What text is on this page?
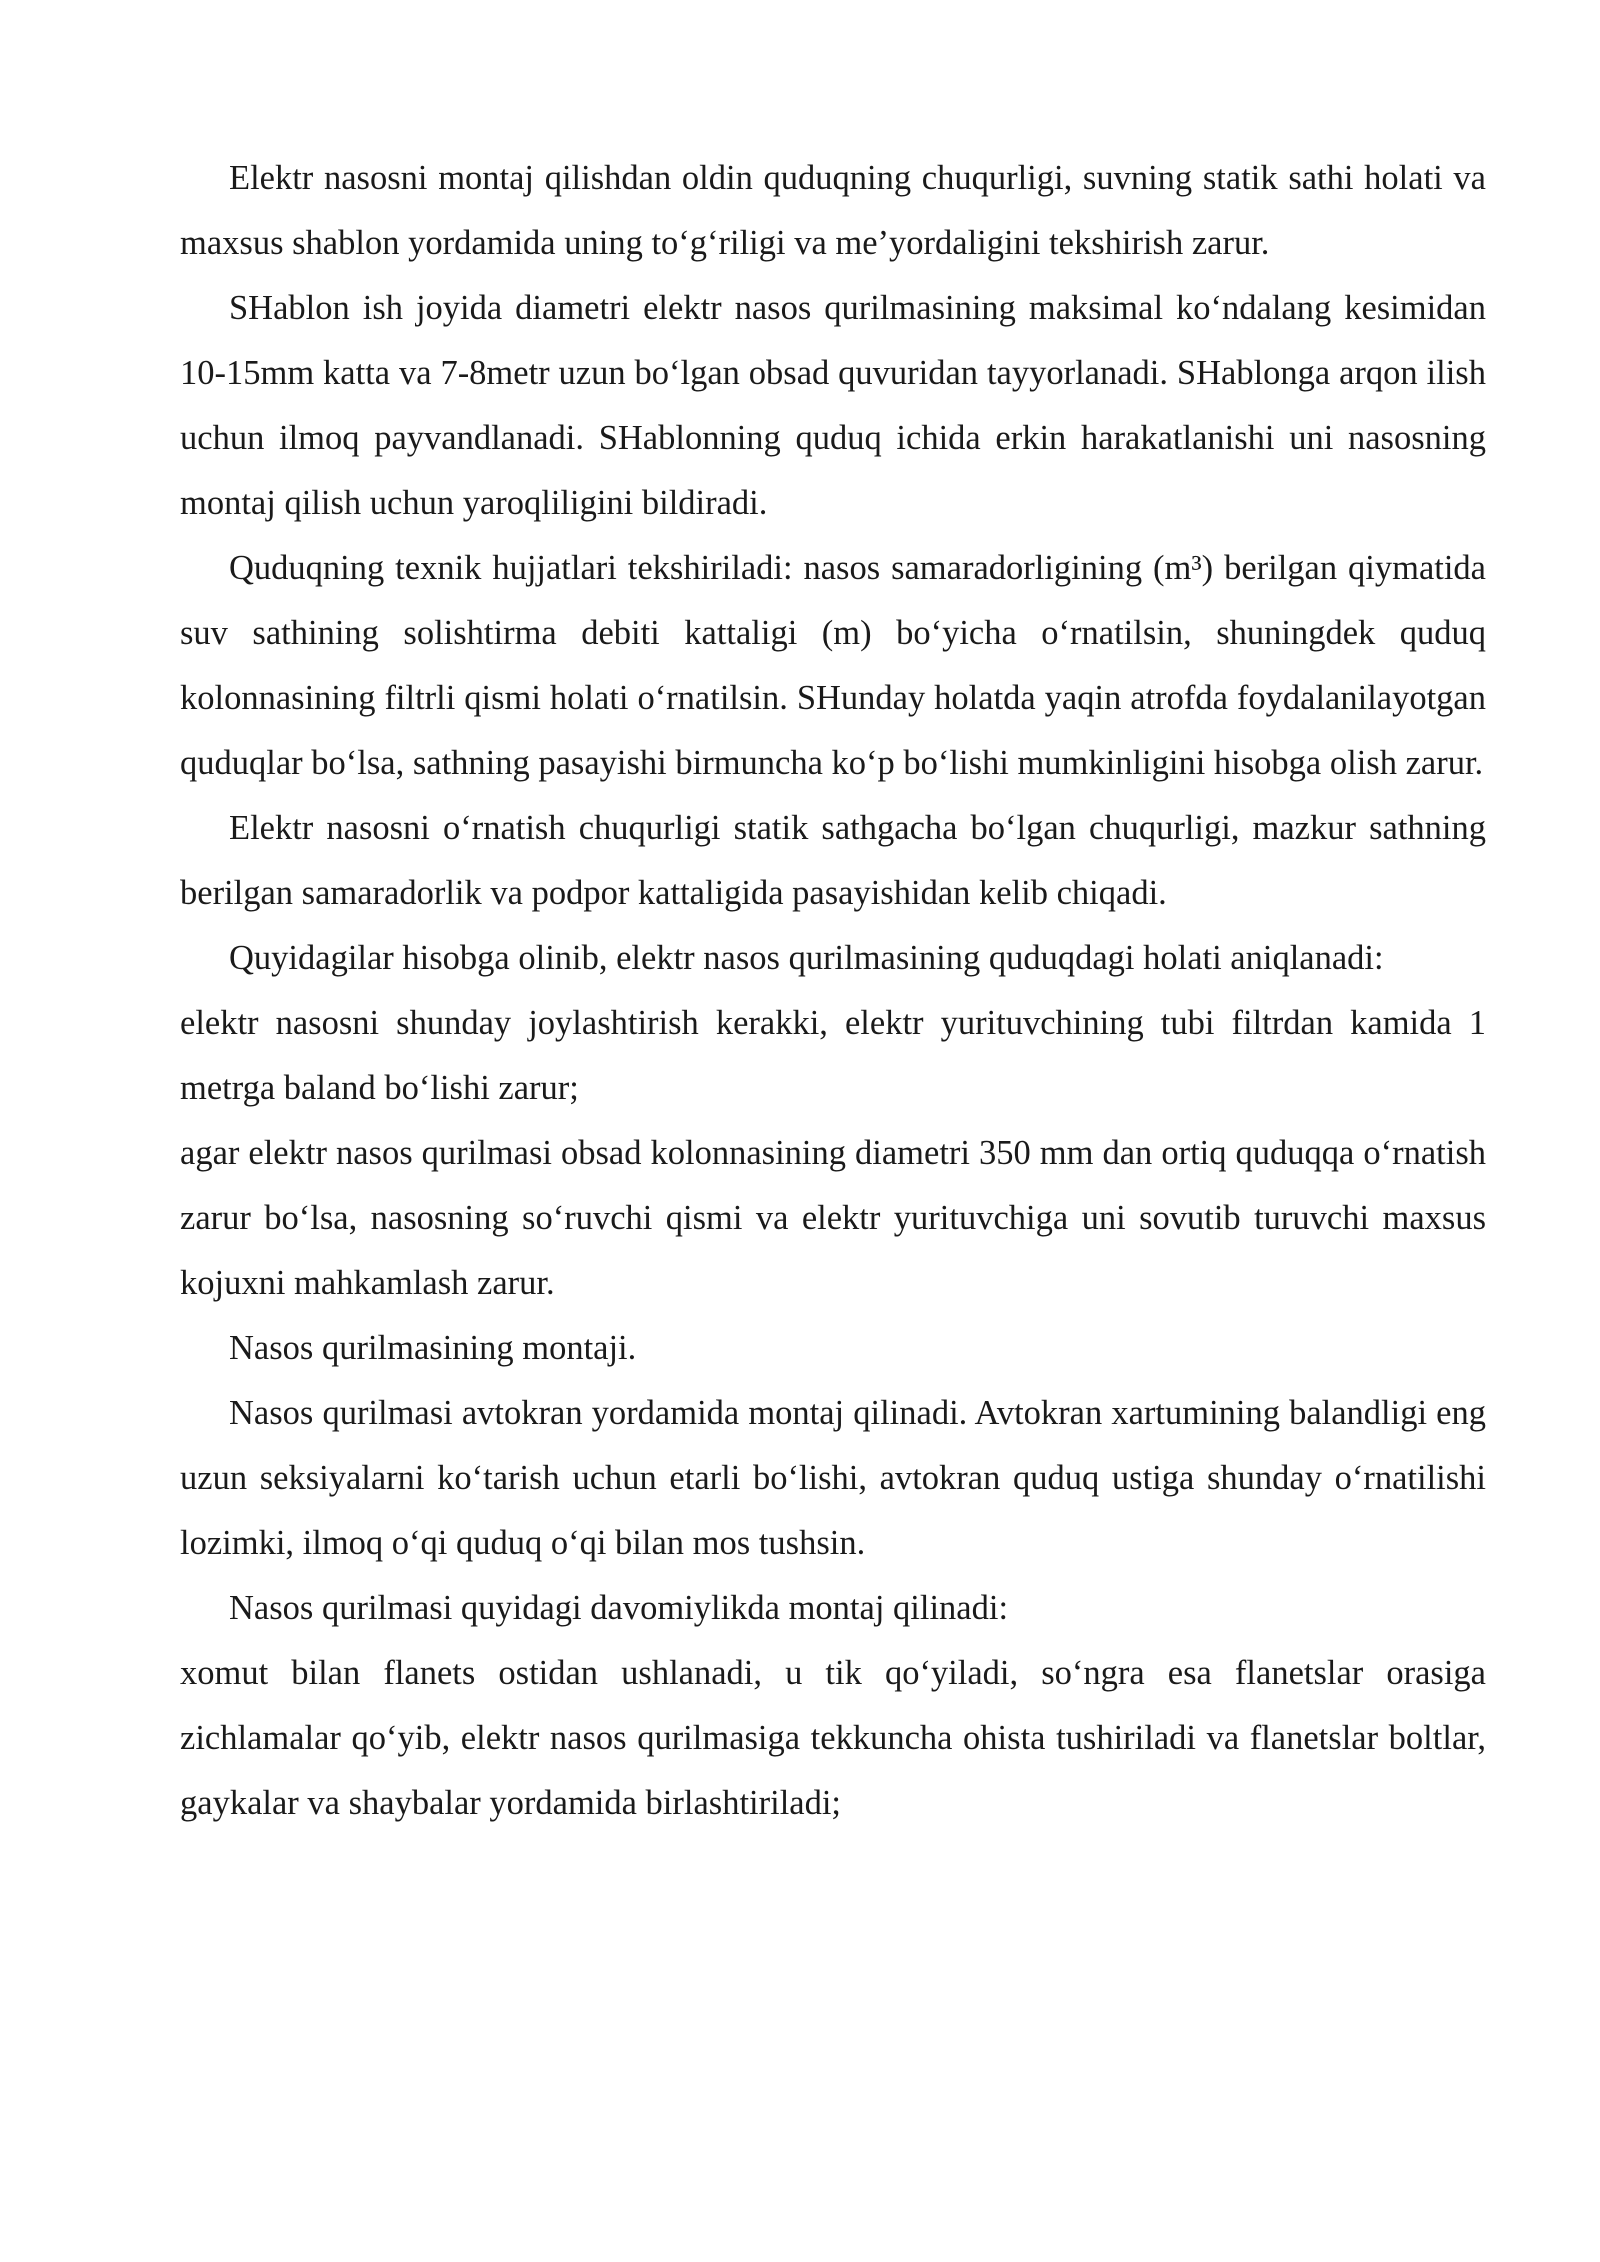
Elektr nasosni montaj qilishdan oldin quduqning chuqurligi, suvning statik sathi holati va maxsus shablon yordamida uning to‘g‘riligi va me’yordaligini tekshirish zarur.

SHablon ish joyida diametri elektr nasos qurilmasining maksimal ko‘ndalang kesimidan 10-15mm katta va 7-8metr uzun bo‘lgan obsad quvuridan tayyorlanadi. SHablonga arqon ilish uchun ilmoq payvandlanadi. SHablonning quduq ichida erkin harakatlanishi uni nasosning montaj qilish uchun yaroqliligini bildiradi.

Quduqning texnik hujjatlari tekshiriladi: nasos samaradorligining (m³) berilgan qiymatida suv sathining solishtirma debiti kattaligi (m) bo‘yicha o‘rnatilsin, shuningdek quduq kolonnasining filtrli qismi holati o‘rnatilsin. SHunday holatda yaqin atrofda foydalanilayotgan quduqlar bo‘lsa, sathning pasayishi birmuncha ko‘p bo‘lishi mumkinligini hisobga olish zarur.

Elektr nasosni o‘rnatish chuqurligi statik sathgacha bo‘lgan chuqurligi, mazkur sathning berilgan samaradorlik va podpor kattaligida pasayishidan kelib chiqadi.

Quyidagilar hisobga olinib, elektr nasos qurilmasining quduqdagi holati aniqlanadi:

elektr nasosni shunday joylashtirish kerakki, elektr yurituvchining tubi filtrdan kamida 1 metrga baland bo‘lishi zarur;

agar elektr nasos qurilmasi obsad kolonnasining diametri 350 mm dan ortiq quduqqa o‘rnatish zarur bo‘lsa, nasosning so‘ruvchi qismi va elektr yurituvchiga uni sovutib turuvchi maxsus kojuxni mahkamlash zarur.

Nasos qurilmasining montaji.

Nasos qurilmasi avtokran yordamida montaj qilinadi. Avtokran xartumining balandligi eng uzun seksiyalarni ko‘tarish uchun etarli bo‘lishi, avtokran quduq ustiga shunday o‘rnatilishi lozimki, ilmoq o‘qi quduq o‘qi bilan mos tushsin.

Nasos qurilmasi quyidagi davomiylikda montaj qilinadi:

xomut bilan flanets ostidan ushlanadi, u tik qo‘yiladi, so‘ngra esa flanetslar orasiga zichlamalar qo‘yib, elektr nasos qurilmasiga tekkuncha ohista tushiriladi va flanetslar boltlar, gaykalar va shaybalar yordamida birlashtiriladi;
